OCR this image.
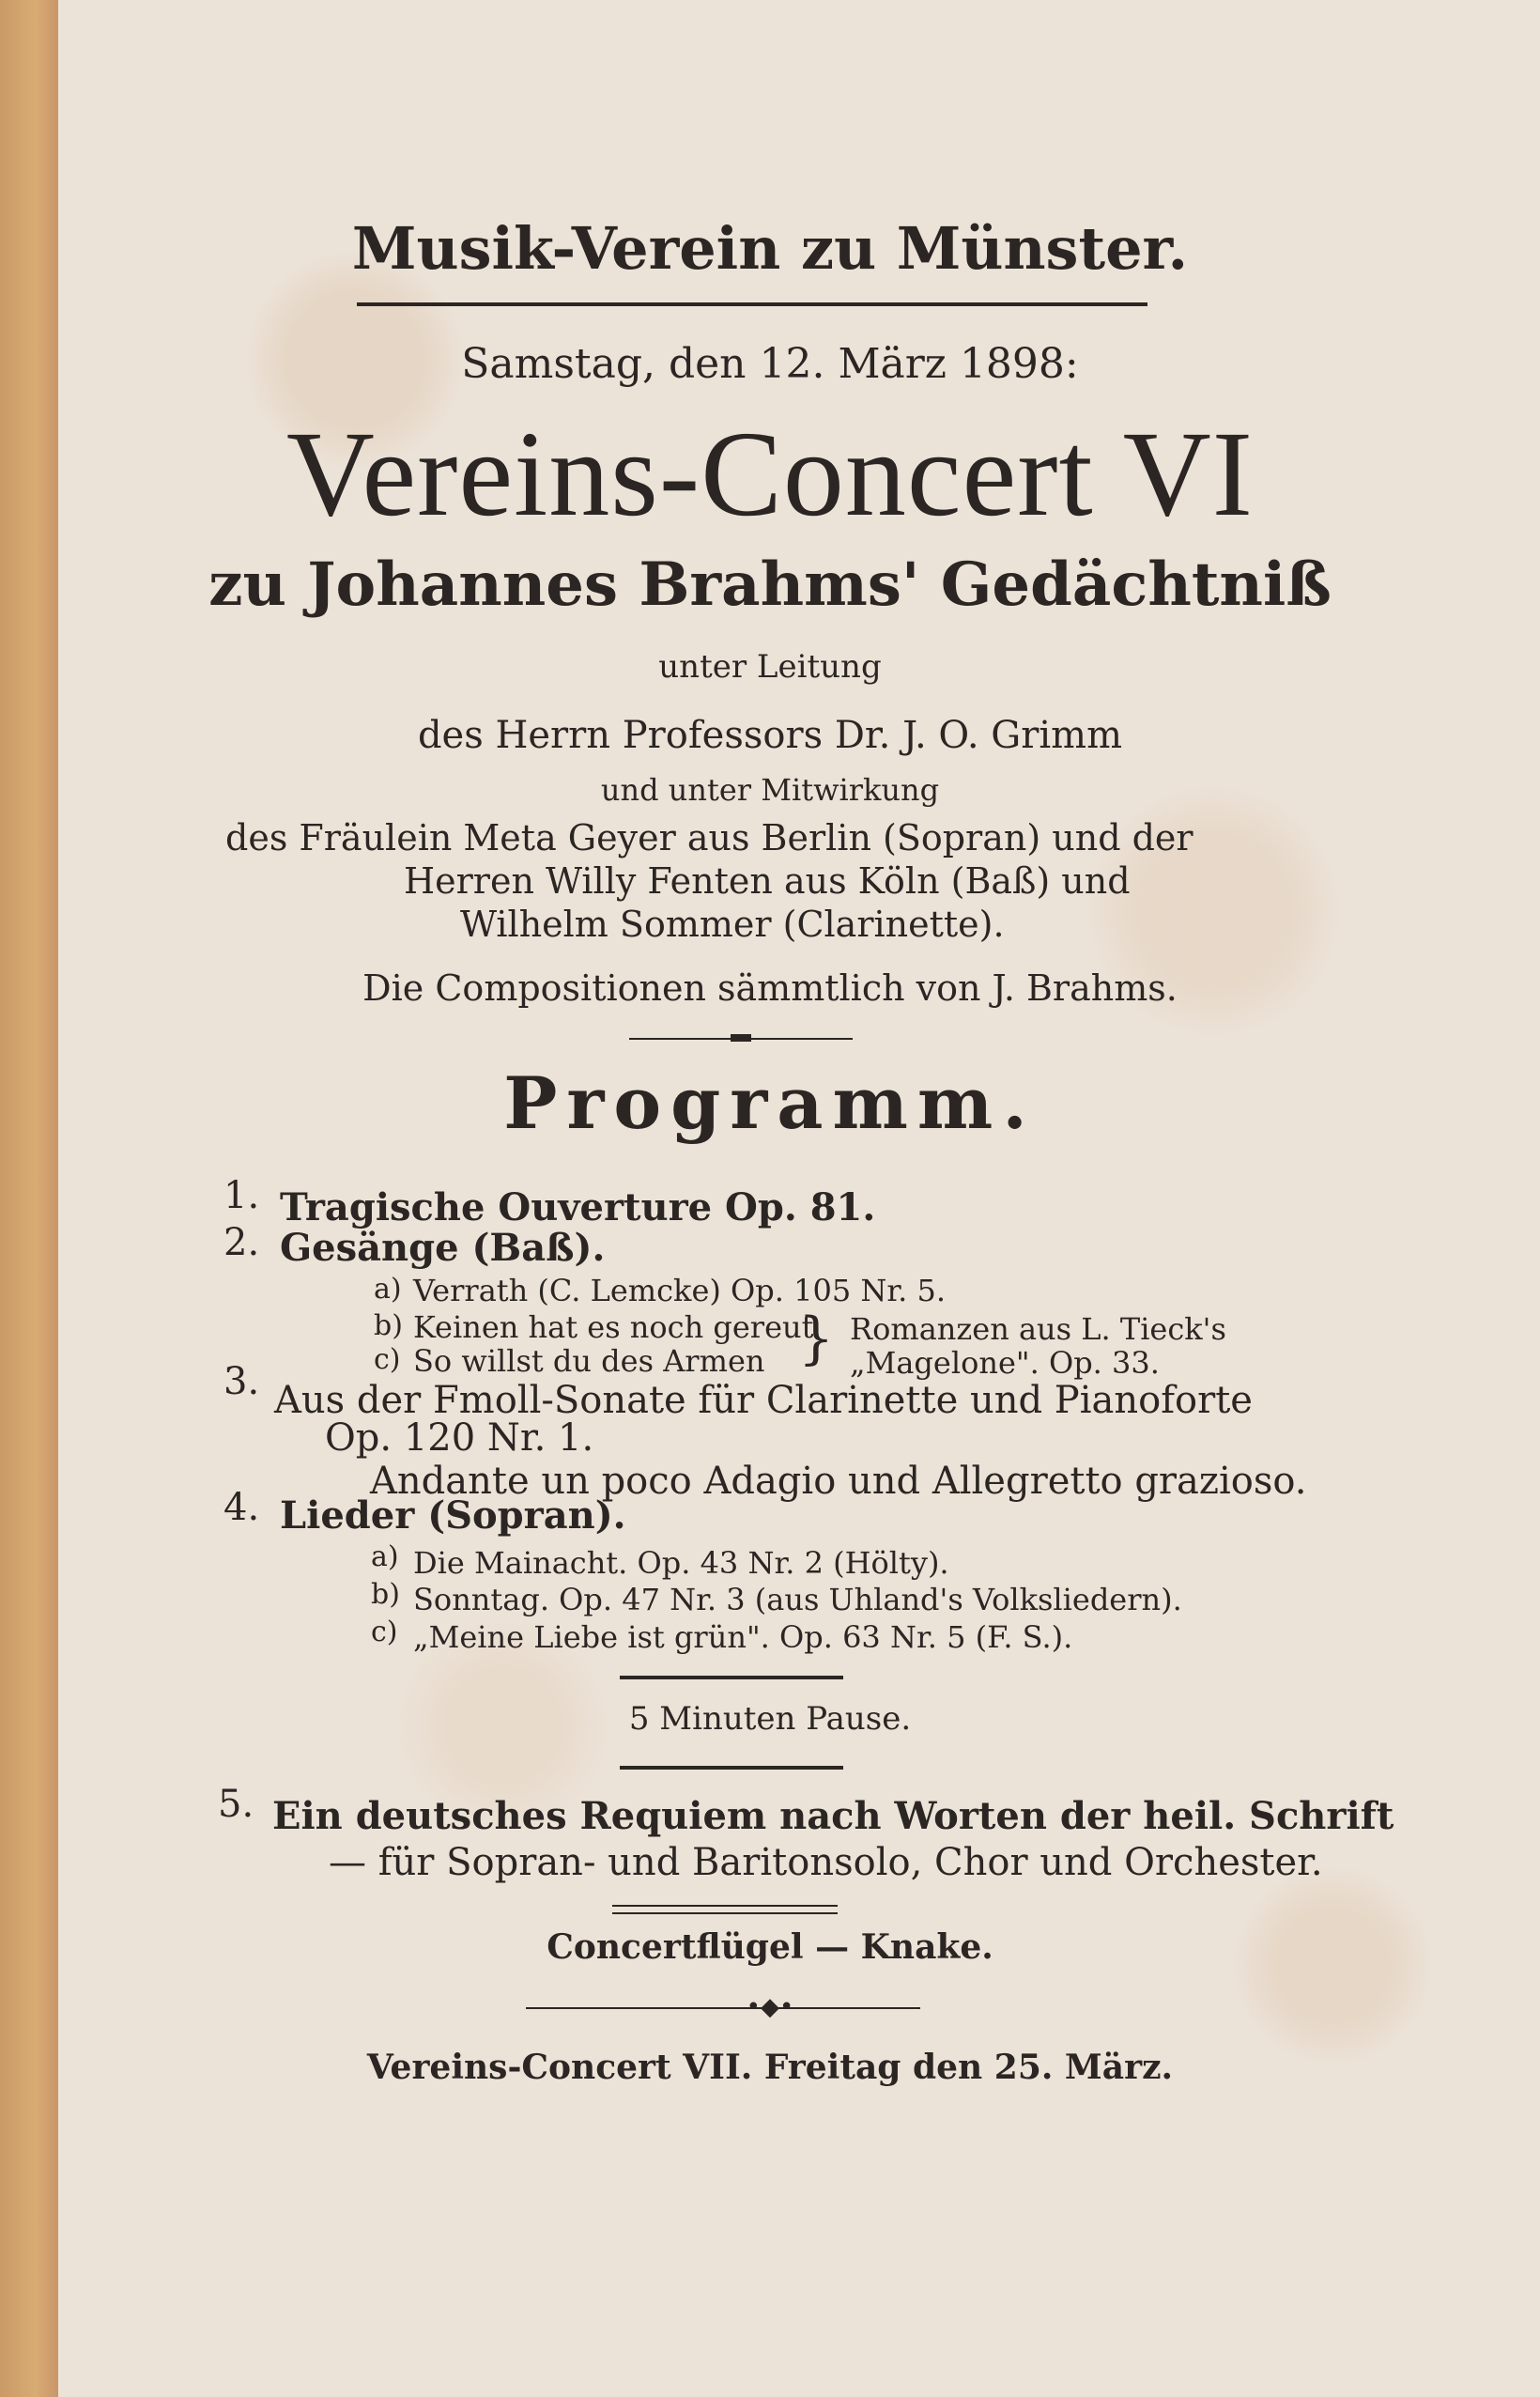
Musik-Verein zu Münster.
Samstag, den 12. März 1898:
Vereins-Concert VI
zu Johannes Brahms' Gedächtniß
unter Leitung
des Herrn Professors Dr. J. O. Grimm
und unter Mitwirkung
des Fräulein Meta Geyer aus Berlin (Sopran) und der
Herren Willy Fenten aus Köln (Baß) und
Wilhelm Sommer (Clarinette).
Die Compositionen sämmtlich von J. Brahms.
Programm.
1. Tragische Ouverture Op. 81.
2. Gesänge (Baß).
a) Verrath (C. Lemcke) Op. 105 Nr. 5.
b) Keinen hat es noch gereut
c) So willst du des Armen } Romanzen aus L. Tieck's
„Magelone". Op. 33.
3. Aus der Fmoll-Sonate für Clarinette und Pianoforte
Op. 120 Nr. 1.
Andante un poco Adagio und Allegretto grazioso.
4. Lieder (Sopran).
a) Die Mainacht. Op. 43 Nr. 2 (Hölty).
b) Sonntag. Op. 47 Nr. 3 (aus Uhland's Volksliedern).
c) „Meine Liebe ist grün". Op. 63 Nr. 5 (F. S.).
5 Minuten Pause.
5. Ein deutsches Requiem nach Worten der heil. Schrift
— für Sopran- und Baritonsolo, Chor und Orchester.
Concertflügel — Knake.
•◆•
Vereins-Concert VII. Freitag den 25. März.
